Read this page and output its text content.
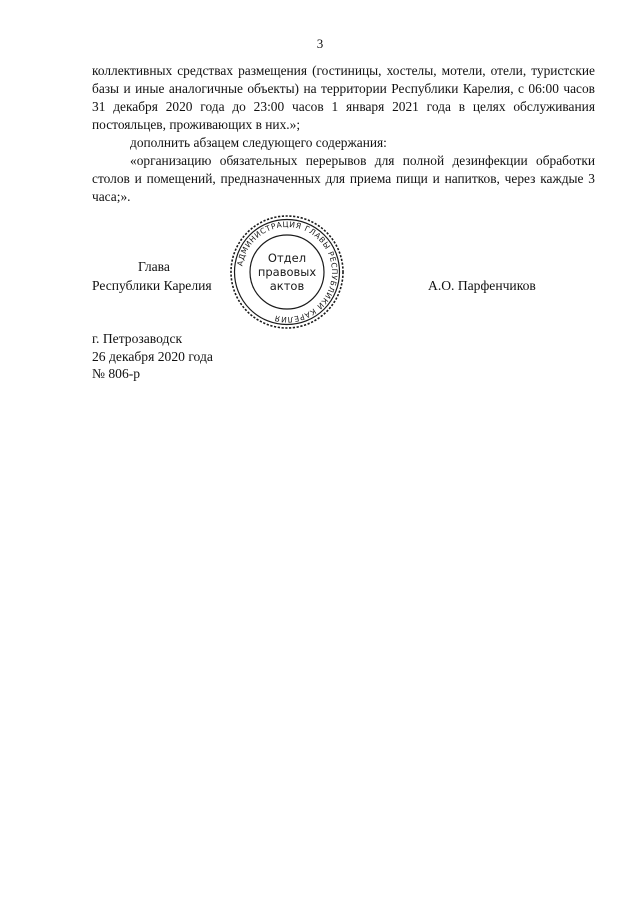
3

коллективных средствах размещения (гостиницы, хостелы, мотели, отели, туристские базы и иные аналогичные объекты) на территории Республики Карелия, с 06:00 часов 31 декабря 2020 года до 23:00 часов 1 января 2021 года в целях обслуживания постояльцев, проживающих в них.»;

дополнить абзацем следующего содержания:

«организацию обязательных перерывов для полной дезинфекции обработки столов и помещений, предназначенных для приема пищи и напитков, через каждые 3 часа;».

Глава
Республики Карелия	А.О. Парфенчиков
АДМИНИСТРАЦИЯ ГЛАВЫ РЕСПУБЛИКИ КАРЕЛИЯ
Отдел
правовых
актов
г. Петрозаводск
26 декабря 2020 года
№ 806-р
